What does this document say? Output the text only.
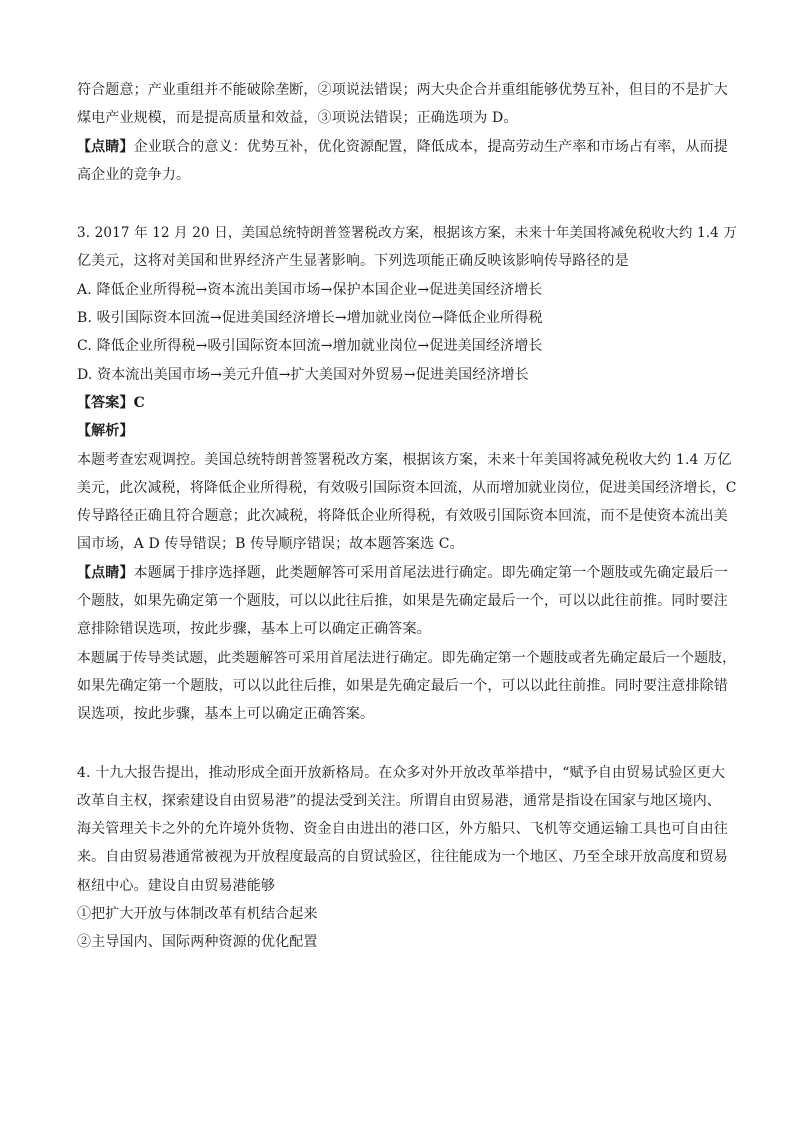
符合题意；产业重组并不能破除垄断，②项说法错误；两大央企合并重组能够优势互补，但目的不是扩大
煤电产业规模，而是提高质量和效益，③项说法错误；正确选项为 D。
【点睛】企业联合的意义：优势互补，优化资源配置，降低成本，提高劳动生产率和市场占有率，从而提
高企业的竞争力。
3. 2017 年 12 月 20 日，美国总统特朗普签署税改方案，根据该方案，未来十年美国将减免税收大约 1.4 万
亿美元，这将对美国和世界经济产生显著影响。下列选项能正确反映该影响传导路径的是
A. 降低企业所得税→资本流出美国市场→保护本国企业→促进美国经济增长
B. 吸引国际资本回流→促进美国经济增长→增加就业岗位→降低企业所得税
C. 降低企业所得税→吸引国际资本回流→增加就业岗位→促进美国经济增长
D. 资本流出美国市场→美元升值→扩大美国对外贸易→促进美国经济增长
【答案】C
【解析】
本题考查宏观调控。美国总统特朗普签署税改方案，根据该方案，未来十年美国将减免税收大约 1.4 万亿
美元，此次减税，将降低企业所得税，有效吸引国际资本回流，从而增加就业岗位，促进美国经济增长，C
传导路径正确且符合题意；此次减税，将降低企业所得税，有效吸引国际资本回流，而不是使资本流出美
国市场，A D 传导错误；B 传导顺序错误；故本题答案选 C。
【点睛】本题属于排序选择题，此类题解答可采用首尾法进行确定。即先确定第一个题肢或先确定最后一
个题肢，如果先确定第一个题肢，可以以此往后推，如果是先确定最后一个，可以以此往前推。同时要注
意排除错误选项，按此步骤，基本上可以确定正确答案。
本题属于传导类试题，此类题解答可采用首尾法进行确定。即先确定第一个题肢或者先确定最后一个题肢，
如果先确定第一个题肢，可以以此往后推，如果是先确定最后一个，可以以此往前推。同时要注意排除错
误选项，按此步骤，基本上可以确定正确答案。
4. 十九大报告提出，推动形成全面开放新格局。在众多对外开放改革举措中，“赋予自由贸易试验区更大
改革自主权，探索建设自由贸易港”的提法受到关注。所谓自由贸易港，通常是指设在国家与地区境内、
海关管理关卡之外的允许境外货物、资金自由进出的港口区，外方船只、飞机等交通运输工具也可自由往
来。自由贸易港通常被视为开放程度最高的自贸试验区，往往能成为一个地区、乃至全球开放高度和贸易
枢纽中心。建设自由贸易港能够
①把扩大开放与体制改革有机结合起来
②主导国内、国际两种资源的优化配置
